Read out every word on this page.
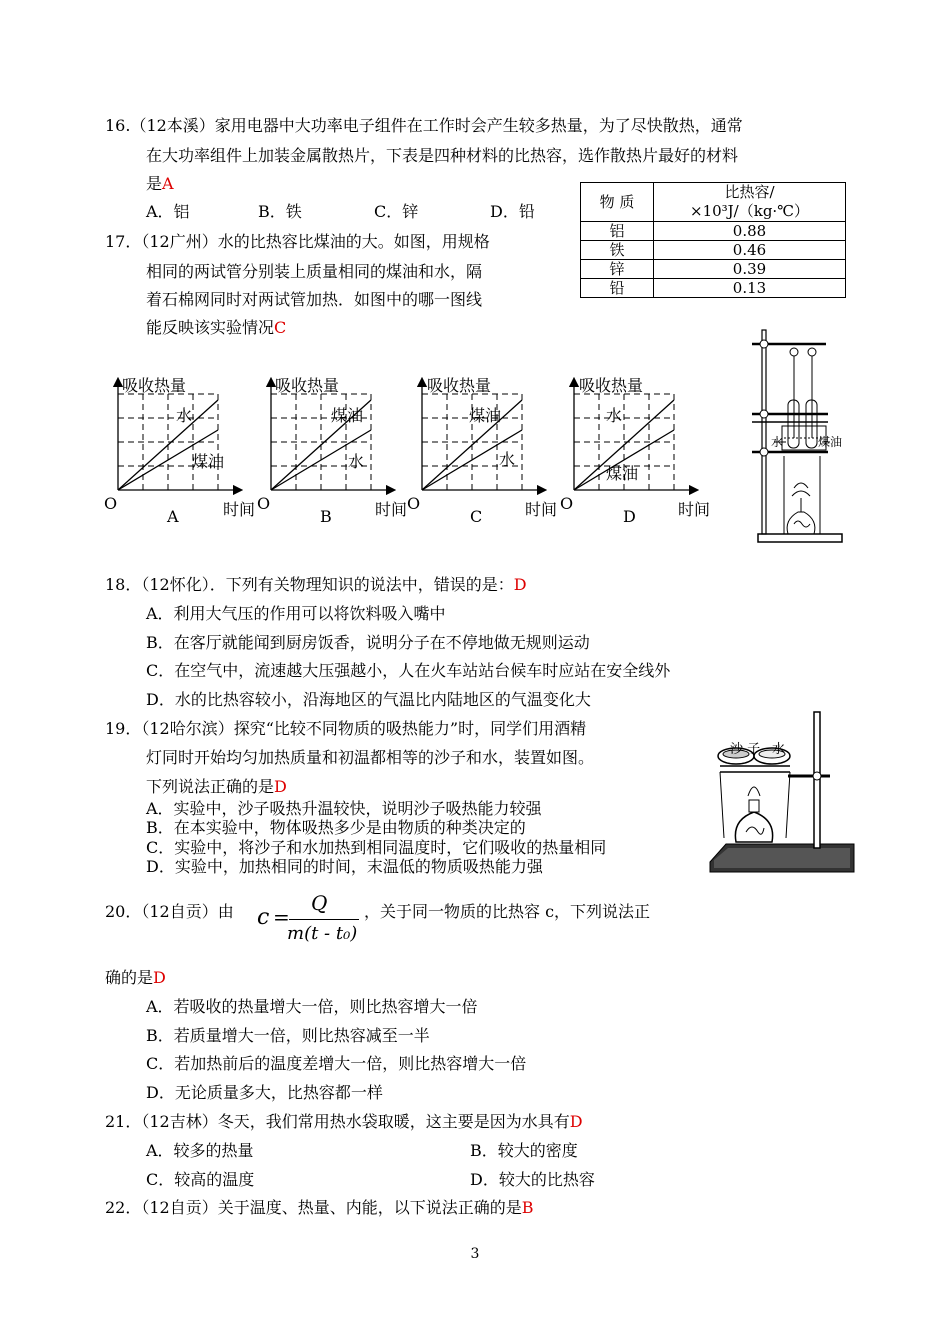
16.（12本溪）家用电器中大功率电子组件在工作时会产生较多热量，为了尽快散热，通常
在大功率组件上加装金属散热片，下表是四种材料的比热容，选作散热片最好的材料
是A
A．铝	B．铁	C．锌	D．铅
物 质	比热容/
×10³J/（kg·℃）

铝	0.88
铁	0.46
锌	0.39
铅	0.13
17．（12广州）水的比热容比煤油的大。如图，用规格
相同的两试管分别装上质量相同的煤油和水，隔
着石棉网同时对两试管加热．如图中的哪一图线
能反映该实验情况C
吸收热量	吸收热量	吸收热量	吸收热量
O	O	O	O
时间	时间	时间	时间
A	B	C	D
水
煤油
煤油
水
煤油
水
水
煤油
水	煤油
18．（12怀化）．下列有关物理知识的说法中，错误的是：D
A．利用大气压的作用可以将饮料吸入嘴中
B．在客厅就能闻到厨房饭香，说明分子在不停地做无规则运动
C．在空气中，流速越大压强越小，人在火车站站台候车时应站在安全线外
D．水的比热容较小，沿海地区的气温比内陆地区的气温变化大
19．（12哈尔滨）探究“比较不同物质的吸热能力”时，同学们用酒精
灯同时开始均匀加热质量和初温都相等的沙子和水，装置如图。
下列说法正确的是D
A．实验中，沙子吸热升温较快，说明沙子吸热能力较强
B．在本实验中，物体吸热多少是由物质的种类决定的
C．实验中，将沙子和水加热到相同温度时，它们吸收的热量相同
D．实验中，加热相同的时间，末温低的物质吸热能力强
沙 子 水
20．（12自贡）由 c =
Q
m(t - t₀)
，关于同一物质的比热容 c，下列说法正
确的是D
A．若吸收的热量增大一倍，则比热容增大一倍
B．若质量增大一倍，则比热容减至一半
C．若加热前后的温度差增大一倍，则比热容增大一倍
D．无论质量多大，比热容都一样
21．（12吉林）冬天，我们常用热水袋取暖，这主要是因为水具有D
A．较多的热量	B．较大的密度
C．较高的温度	D．较大的比热容
22．（12自贡）关于温度、热量、内能，以下说法正确的是B
3
